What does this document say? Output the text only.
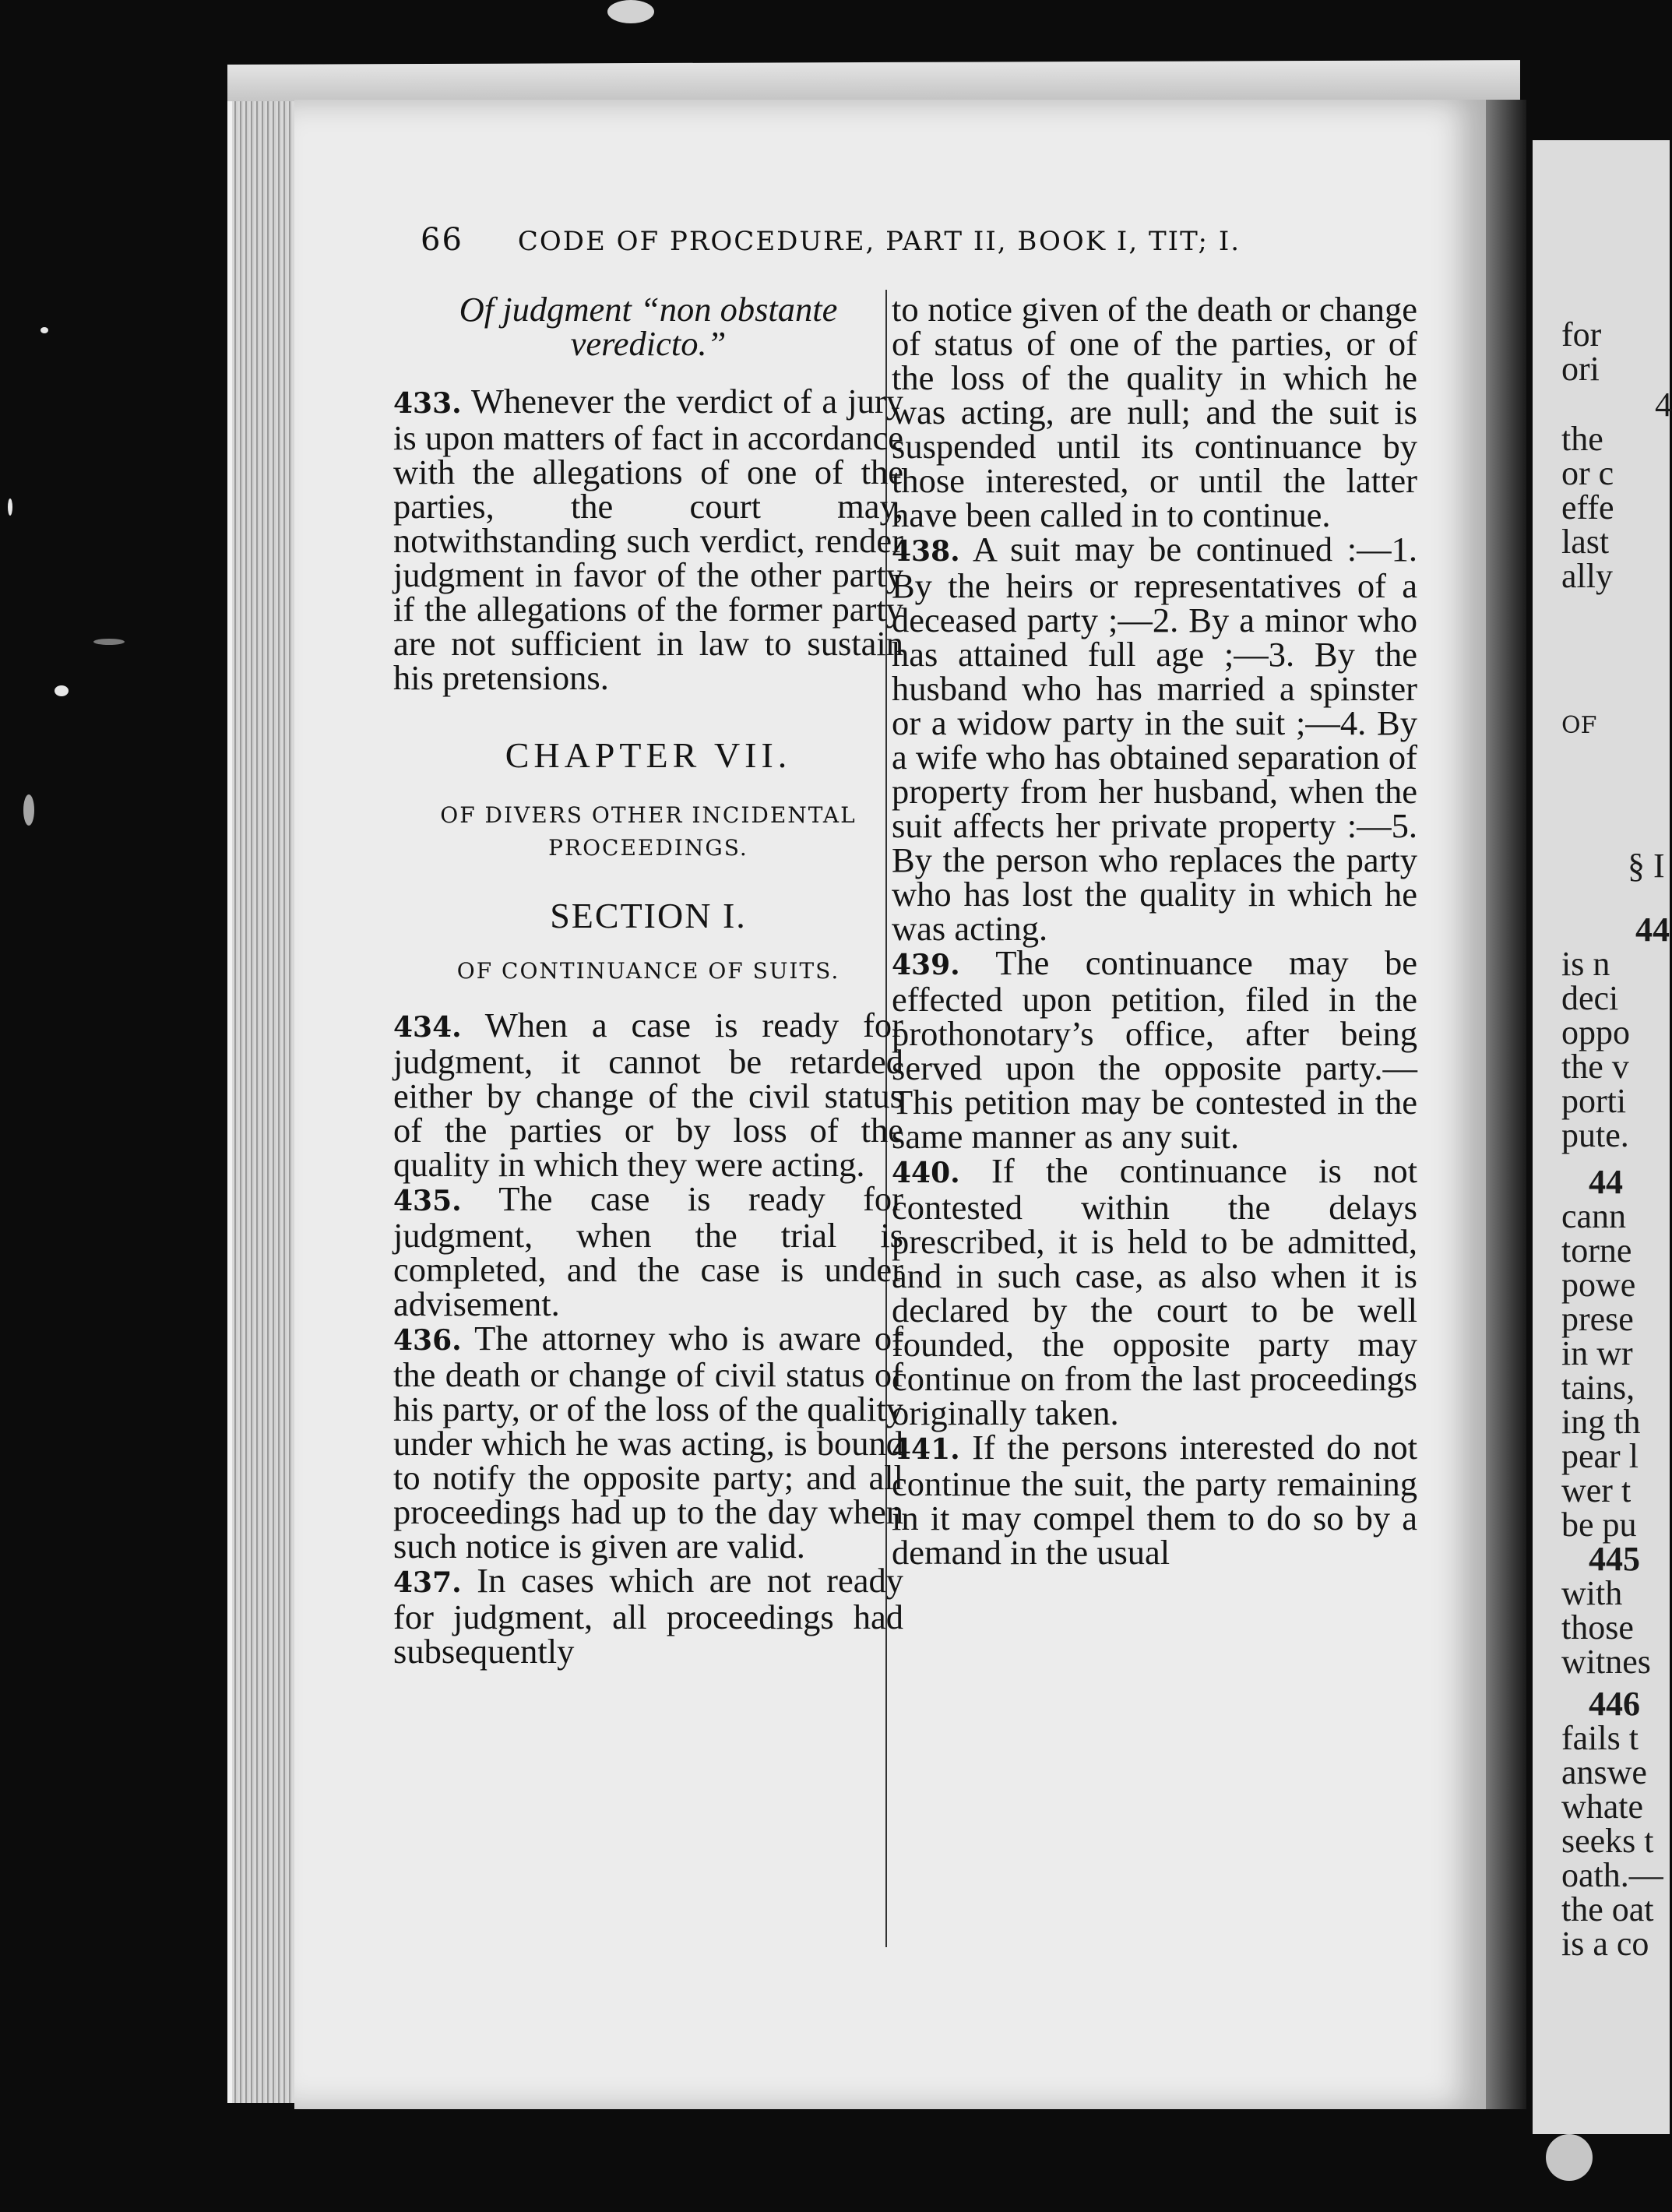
66 CODE OF PROCEDURE, PART II, BOOK I, TIT; I.

Of judgment “non obstante veredicto.”

433. Whenever the verdict of a jury is upon matters of fact in accordance with the allegations of one of the parties, the court may, notwithstanding such verdict, render judgment in favor of the other party if the allegations of the former party are not sufficient in law to sustain his pretensions.

CHAPTER VII.

OF DIVERS OTHER INCIDENTAL PROCEEDINGS.

SECTION I.

OF CONTINUANCE OF SUITS.

434. When a case is ready for judgment, it cannot be retarded either by change of the civil status of the parties or by loss of the quality in which they were acting.

435. The case is ready for judgment, when the trial is completed, and the case is under advisement.

436. The attorney who is aware of the death or change of civil status of his party, or of the loss of the quality under which he was acting, is bound to notify the opposite party; and all proceedings had up to the day when such notice is given are valid.

437. In cases which are not ready for judgment, all proceedings had subsequently

to notice given of the death or change of status of one of the parties, or of the loss of the quality in which he was acting, are null; and the suit is suspended until its continuance by those interested, or until the latter have been called in to continue.

438. A suit may be continued :—1. By the heirs or representatives of a deceased party ;—2. By a minor who has attained full age ;—3. By the husband who has married a spinster or a widow party in the suit ;—4. By a wife who has obtained separation of property from her husband, when the suit affects her private property :—5. By the person who replaces the party who has lost the quality in which he was acting.

439. The continuance may be effected upon petition, filed in the prothonotary’s office, after being served upon the opposite party.—This petition may be contested in the same manner as any suit.

440. If the continuance is not contested within the delays prescribed, it is held to be admitted, and in such case, as also when it is declared by the court to be well founded, the opposite party may continue on from the last proceedings originally taken.

441. If the persons interested do not continue the suit, the party remaining in it may compel them to do so by a demand in the usual

for
ori
4
the
or c
effe
last
ally
OF
§ I
44
is n
deci
oppo
the v
porti
pute.
44
cann
torne
powe
prese
in wr
tains,
ing th
pear l
wer t
be pu
445
with
those
witnes
446
fails t
answe
whate
seeks t
oath.—
the oat
is a co
